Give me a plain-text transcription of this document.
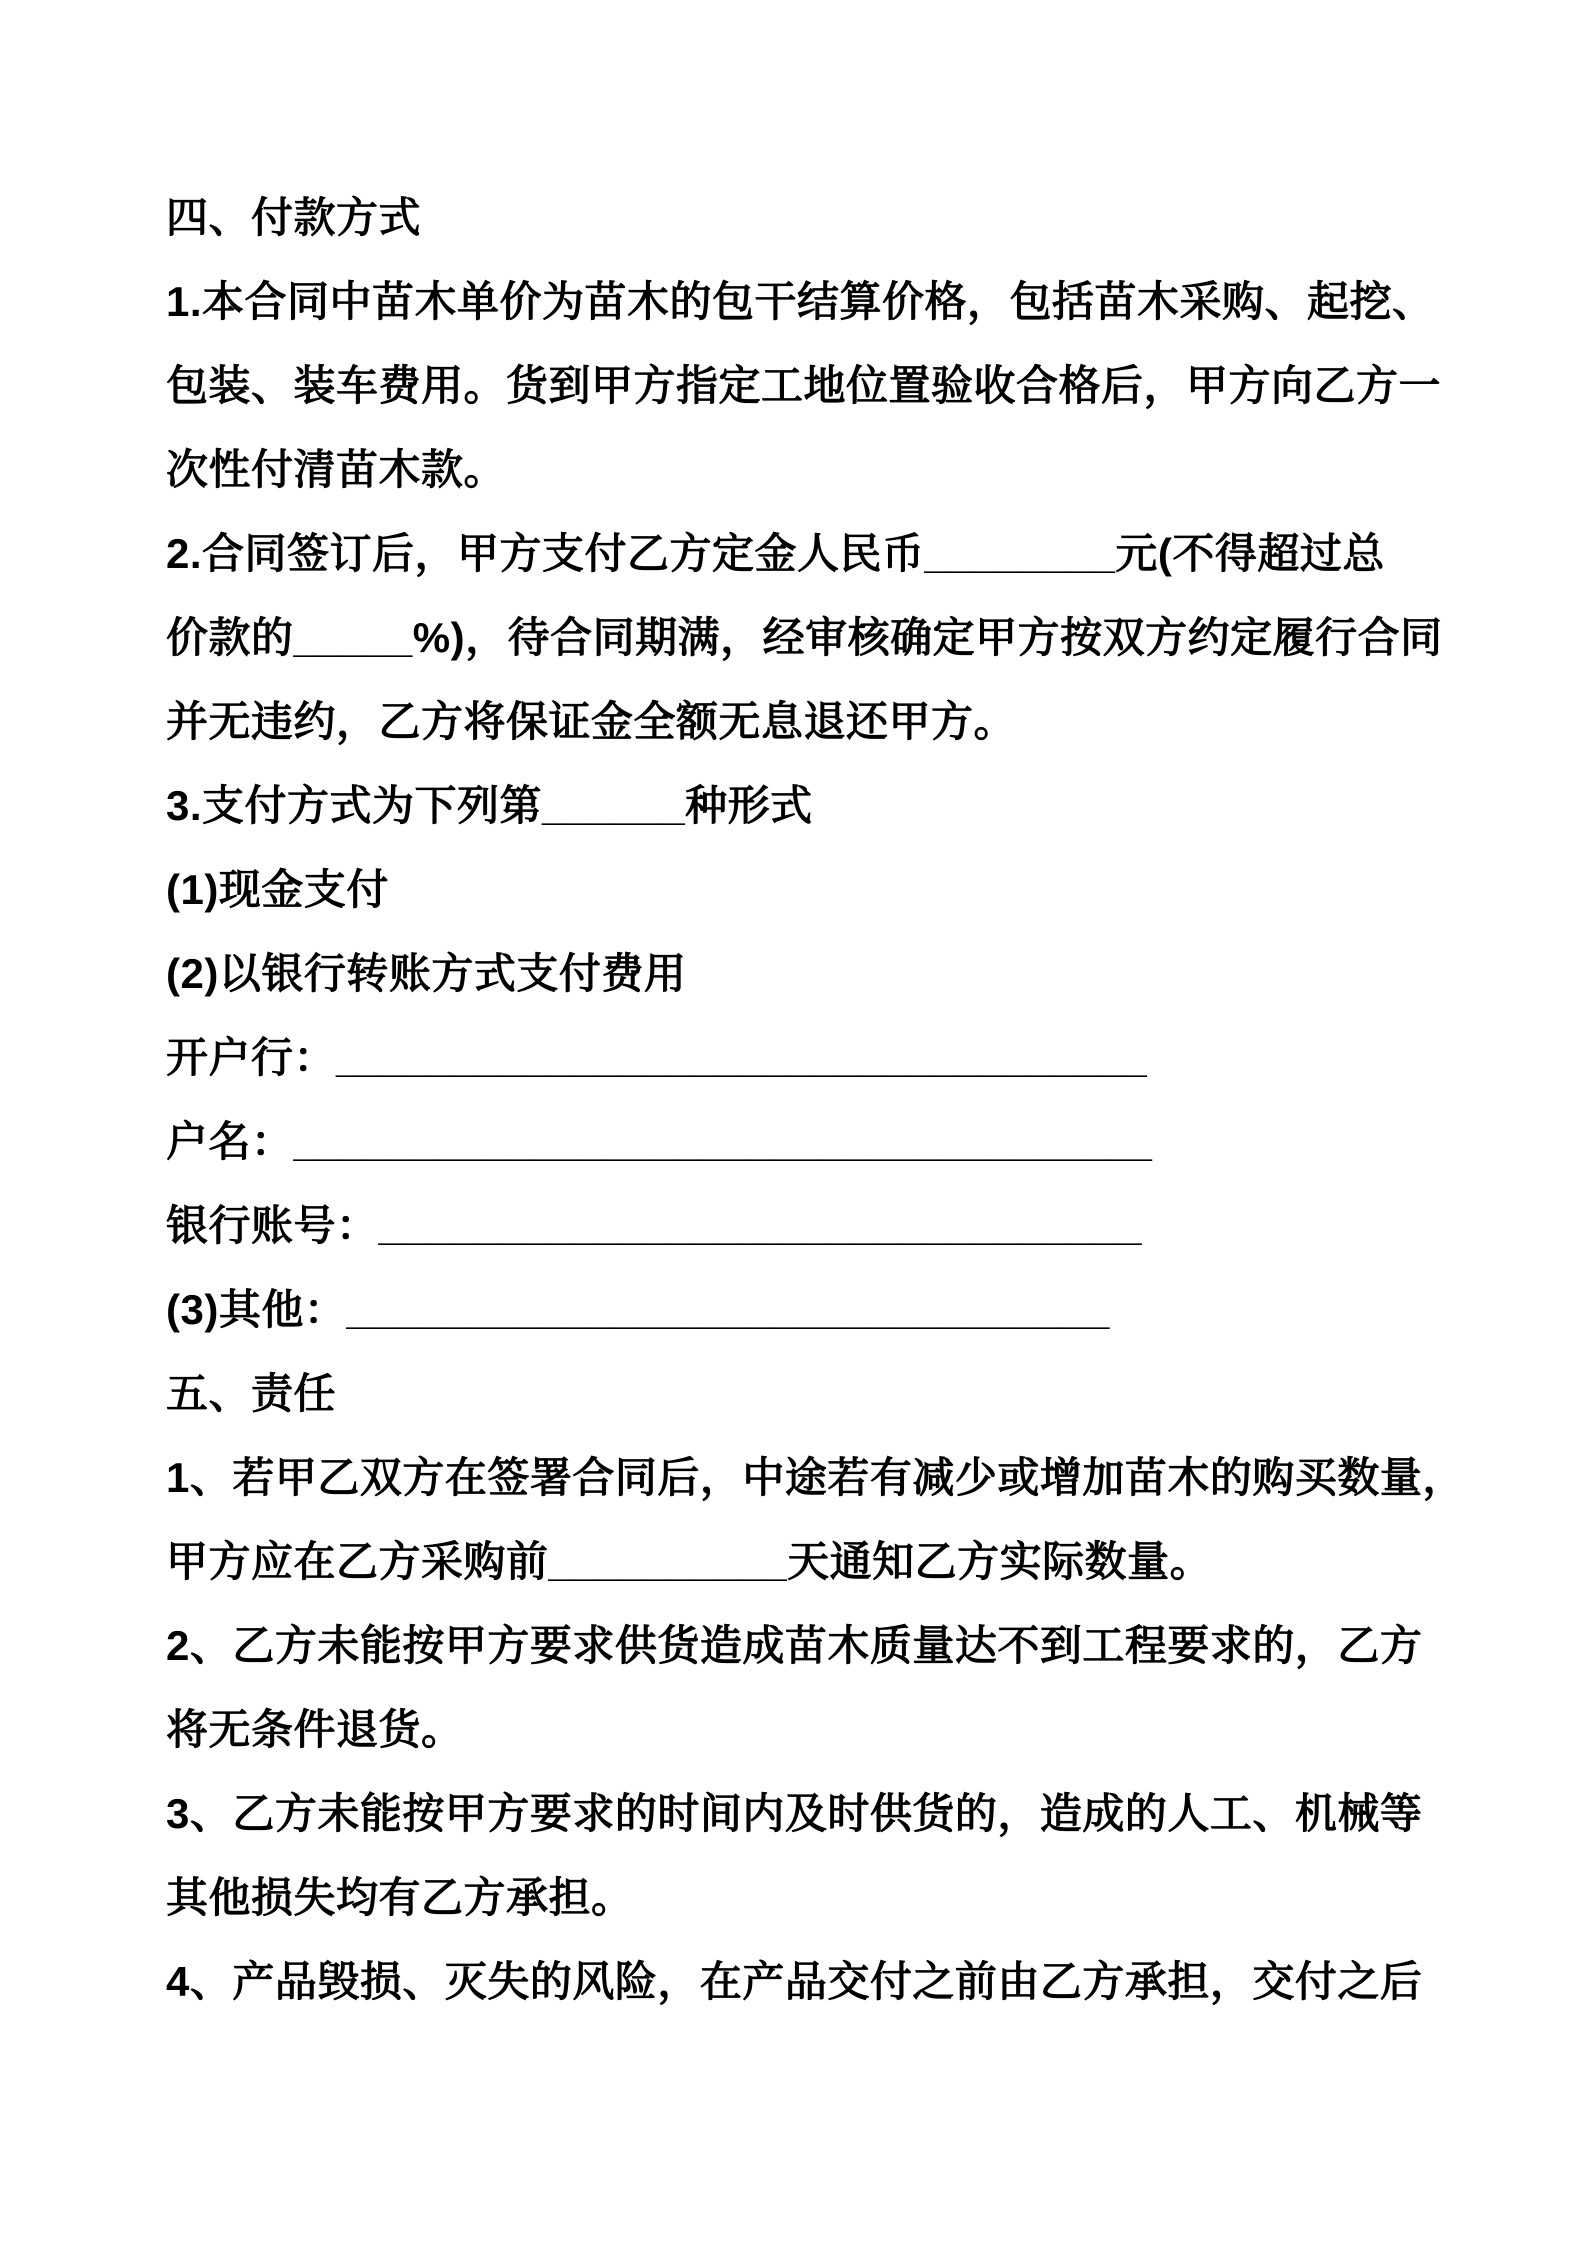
四、付款方式

1.本合同中苗木单价为苗木的包干结算价格，包括苗木采购、起挖、

包装、装车费用。货到甲方指定工地位置验收合格后，甲方向乙方一

次性付清苗木款。

2.合同签订后，甲方支付乙方定金人民币________元(不得超过总

价款的_____%)，待合同期满，经审核确定甲方按双方约定履行合同

并无违约，乙方将保证金全额无息退还甲方。

3.支付方式为下列第______种形式

(1)现金支付

(2)以银行转账方式支付费用

开户行：__________________________________

户名：____________________________________

银行账号：________________________________

(3)其他：________________________________

五、责任

1、若甲乙双方在签署合同后，中途若有减少或增加苗木的购买数量，

甲方应在乙方采购前__________天通知乙方实际数量。

2、乙方未能按甲方要求供货造成苗木质量达不到工程要求的，乙方

将无条件退货。

3、乙方未能按甲方要求的时间内及时供货的，造成的人工、机械等

其他损失均有乙方承担。

4、产品毁损、灭失的风险，在产品交付之前由乙方承担，交付之后
